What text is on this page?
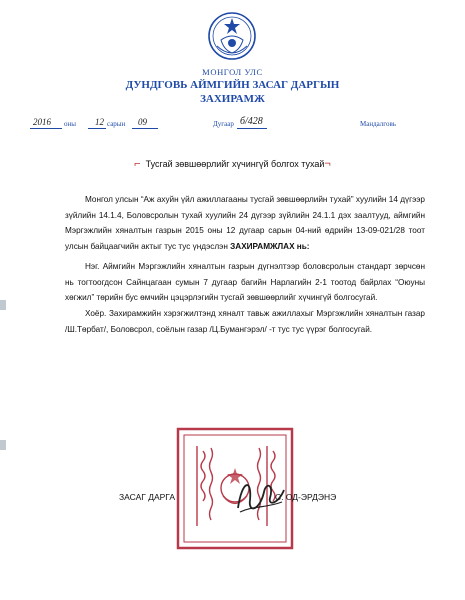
МОНГОЛ УЛС
ДУНДГОВЬ АЙМГИЙН ЗАСАГ ДАРГЫН
ЗАХИРАМЖ
2016 оны 12 сарын 09	Дугаар б/428	Мандалговь
⌐ Тусгай зөвшөөрлийг хүчингүй болгох тухай¬

Монгол улсын “Аж ахуйн үйл ажиллагааны тусгай зөвшөөрлийн тухай” хуулийн 14 дүгээр зүйлийн 14.1.4, Боловсролын тухай хуулийн 24 дүгээр зүйлийн 24.1.1 дэх заалтууд, аймгийн Мэргэжлийн хяналтын газрын 2015 оны 12 дугаар сарын 04-ний өдрийн 13-09-021/28 тоот улсын байцаагчийн актыг тус тус үндэслэн ЗАХИРАМЖЛАХ нь:

Нэг. Аймгийн Мэргэжлийн хяналтын газрын дүгнэлтээр боловсролын стандарт зөрчсөн нь тогтоогдсон Сайнцагаан сумын 7 дугаар багийн Нарлагийн 2-1 тоотод байрлах “Оюуны хөгжил” төрийн бус өмчийн цэцэрлэгийн тусгай зөвшөөрлийг хүчингүй болгосугай.

Хоёр. Захирамжийн хэрэгжилтэнд хяналт тавьж ажиллахыг Мэргэжлийн хяналтын газар /Ш.Төрбат/, Боловсрол, соёлын газар /Ц.Бумангэрэл/ -т тус тус үүрэг болгосугай.

ЗАСАГ ДАРГА	С. ОД-ЭРДЭНЭ
